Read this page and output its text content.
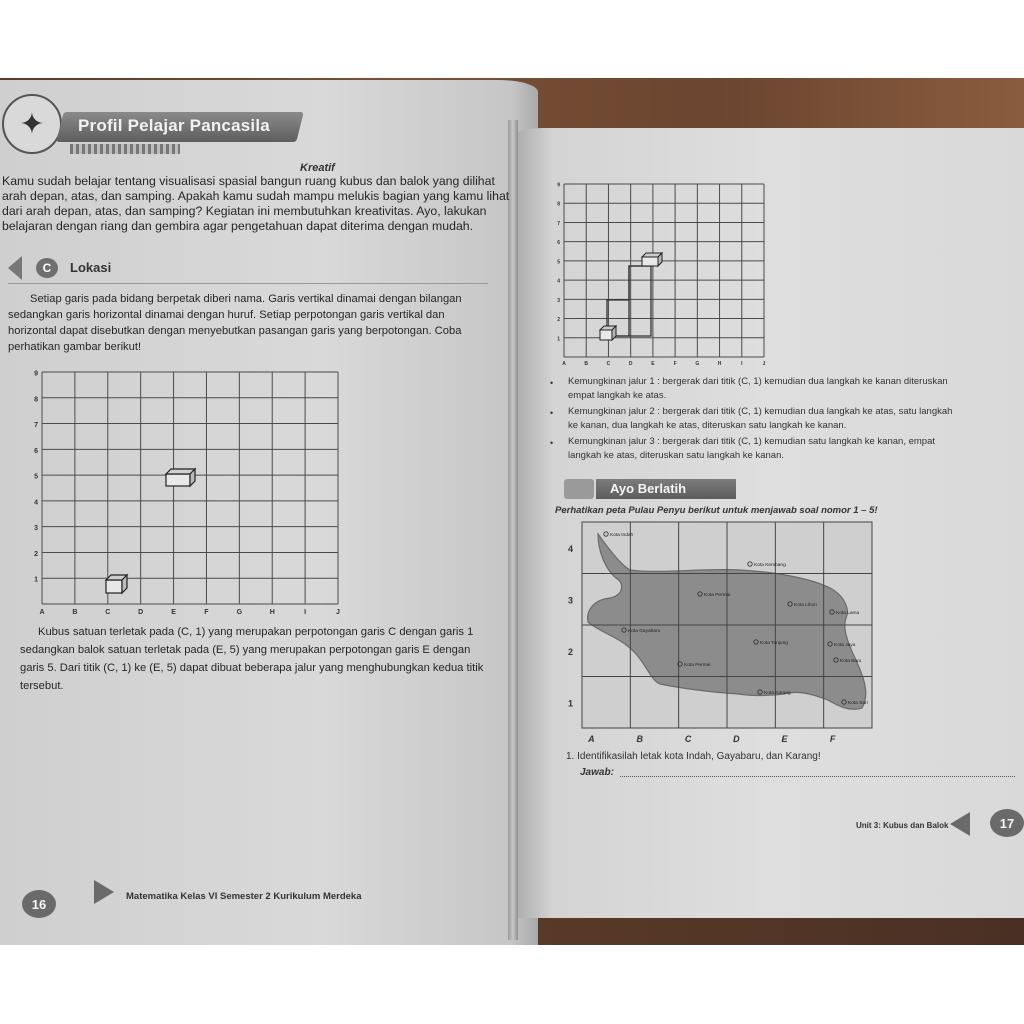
✦	Profil Pelajar Pancasila
Kreatif
Kamu sudah belajar tentang visualisasi spasial bangun ruang kubus dan balok yang dilihat
arah depan, atas, dan samping. Apakah kamu sudah mampu melukis bagian yang kamu lihat
dari arah depan, atas, dan samping? Kegiatan ini membutuhkan kreativitas. Ayo, lakukan
belajaran dengan riang dan gembira agar pengetahuan dapat diterima dengan mudah.
C	Lokasi
Setiap garis pada bidang berpetak diberi nama. Garis vertikal dinamai dengan bilangan
sedangkan garis horizontal dinamai dengan huruf. Setiap perpotongan garis vertikal dan
horizontal dapat disebutkan dengan menyebutkan pasangan garis yang berpotongan. Coba
perhatikan gambar berikut!
A	B	C	D	E	F	G	H	I	J
1
2
3
4
5
6
7
8
9
Kubus satuan terletak pada (C, 1) yang merupakan perpotongan garis C dengan garis 1
sedangkan balok satuan terletak pada (E, 5) yang merupakan perpotongan garis E dengan
garis 5. Dari titik (C, 1) ke (E, 5) dapat dibuat beberapa jalur yang menghubungkan kedua titik
tersebut.
16	Matematika Kelas VI Semester 2 Kurikulum Merdeka
A	B	C	D	E	F	G	H	I	J
1
2
3
4
5
6
7
8
9
• Kemungkinan jalur 1 : bergerak dari titik (C, 1) kemudian dua langkah ke kanan diteruskan
empat langkah ke atas.
• Kemungkinan jalur 2 : bergerak dari titik (C, 1) kemudian dua langkah ke atas, satu langkah
ke kanan, dua langkah ke atas, diteruskan satu langkah ke kanan.
• Kemungkinan jalur 3 : bergerak dari titik (C, 1) kemudian satu langkah ke kanan, empat
langkah ke atas, diteruskan satu langkah ke kanan.
Ayo Berlatih
Perhatikan peta Pulau Penyu berikut untuk menjawab soal nomor 1 – 5!
A	B	C	D	E	F
1
2
3
4
Kota Indah
Kota Kembang
Kota Permai
Kota Lihon
Kota Lama
Kota Gayabaru
Kota Tanjung	Kota Jaya
Kota Baru
Kota Permai
Kota Karang
Kota Sari
1. Identifikasilah letak kota Indah, Gayabaru, dan Karang!
Jawab:
Unit 3: Kubus dan Balok	17
